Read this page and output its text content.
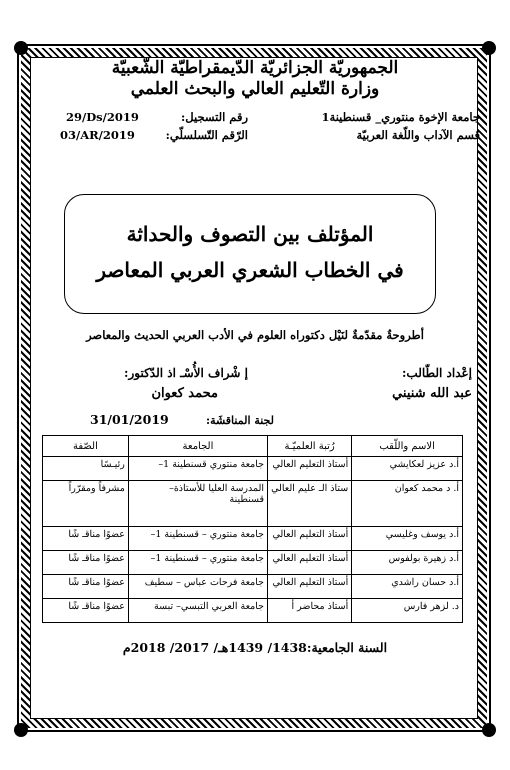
الجمهوريّة الجزائريّة الدّيمقراطيّة الشّعبيّة
وزارة التّعليم العالي والبحث العلمي
جامعة الإخوة منتوري_ قسنطينة1
قسم الآداب واللّغة العربيّة
رقم التسجيل:
29/Ds/2019
الرّقم التّسلسلّي:
03/AR/2019
المؤتلف بين التصوف والحداثة
في الخطاب الشعري العربي المعاصر
أطروحةٌ مقدّمةٌ لنَيْل دكتوراه العلوم في الأدب العربي الحديث والمعاصر
إعْداد الطّالب:
عبد الله شنيني
إ شْراف الأُسْـ اذ الدّكتور:
محمد كعوان
31/01/2019	لجنة المناقشَة:
الاسم واللّقب	رُتبة العلميّـة	الجامعة	الصّفة
أ.د عزيز لعكايشي	أستاذ التعليم العالي	جامعة منتوري قسنطينة 1–	رئيـسًا
أ. د محمد كعوان	ستاذ الـ عليم العالي	المدرسة العليا للأستاذة– قسنطينة	مشرفاً ومقرّراً
أ.د يوسف وغليسي	أستاذ التعليم العالي	جامعة منتوري – قسنطينة 1–	عضوًا مناقـ شًا
أ.د زهيرة بولفوس	أستاذ التعليم العالي	جامعة منتوري – قسنطينة 1–	عضوًا مناقـ شًا
أ.د حسان راشدي	أستاذ التعليم العالي	جامعة فرحات عباس – سطيف	عضوًا مناقـ شًا
د. لزهر فارس	أستاذ محاضر أ	جامعة العربي التبسي– تبسة	عضوًا مناقـ شًا
السنة الجامعية:1438/ 1439هـ/ 2017/ 2018م
